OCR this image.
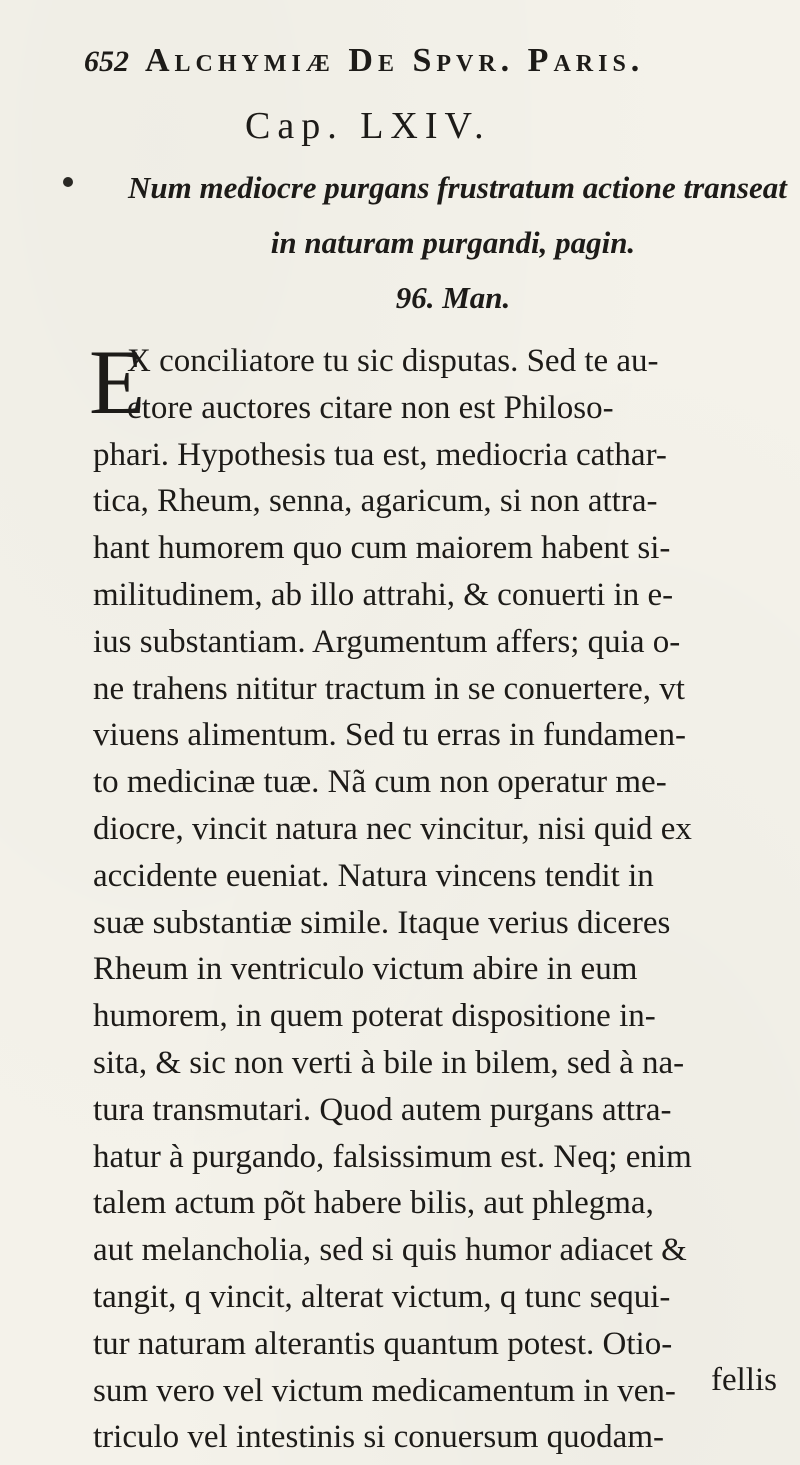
652 Alchymiæ De Spvr. Paris.
Cap. LXIV.
Num mediocre purgans frustratum actione transeat
in naturam purgandi, pagin.
96. Man.
E
X conciliatore tu sic disputas. Sed te au-
ctore auctores citare non est Philoso-
phari. Hypothesis tua est, mediocria cathar-
tica, Rheum, senna, agaricum, si non attra-
hant humorem quo cum maiorem habent si-
militudinem, ab illo attrahi, & conuerti in e-
ius substantiam. Argumentum affers; quia o-
ne trahens nititur tractum in se conuertere, vt
viuens alimentum. Sed tu erras in fundamen-
to medicinæ tuæ. Nã cum non operatur me-
diocre, vincit natura nec vincitur, nisi quid ex
accidente eueniat. Natura vincens tendit in
suæ substantiæ simile. Itaque verius diceres
Rheum in ventriculo victum abire in eum
humorem, in quem poterat dispositione in-
sita, & sic non verti à bile in bilem, sed à na-
tura transmutari. Quod autem purgans attra-
hatur à purgando, falsissimum est. Neq; enim
talem actum põt habere bilis, aut phlegma,
aut melancholia, sed si quis humor adiacet &
tangit, q vincit, alterat victum, q tunc sequi-
tur naturam alterantis quantum potest. Otio-
sum vero vel victum medicamentum in ven-
triculo vel intestinis si conuersum quodam-
fellis
